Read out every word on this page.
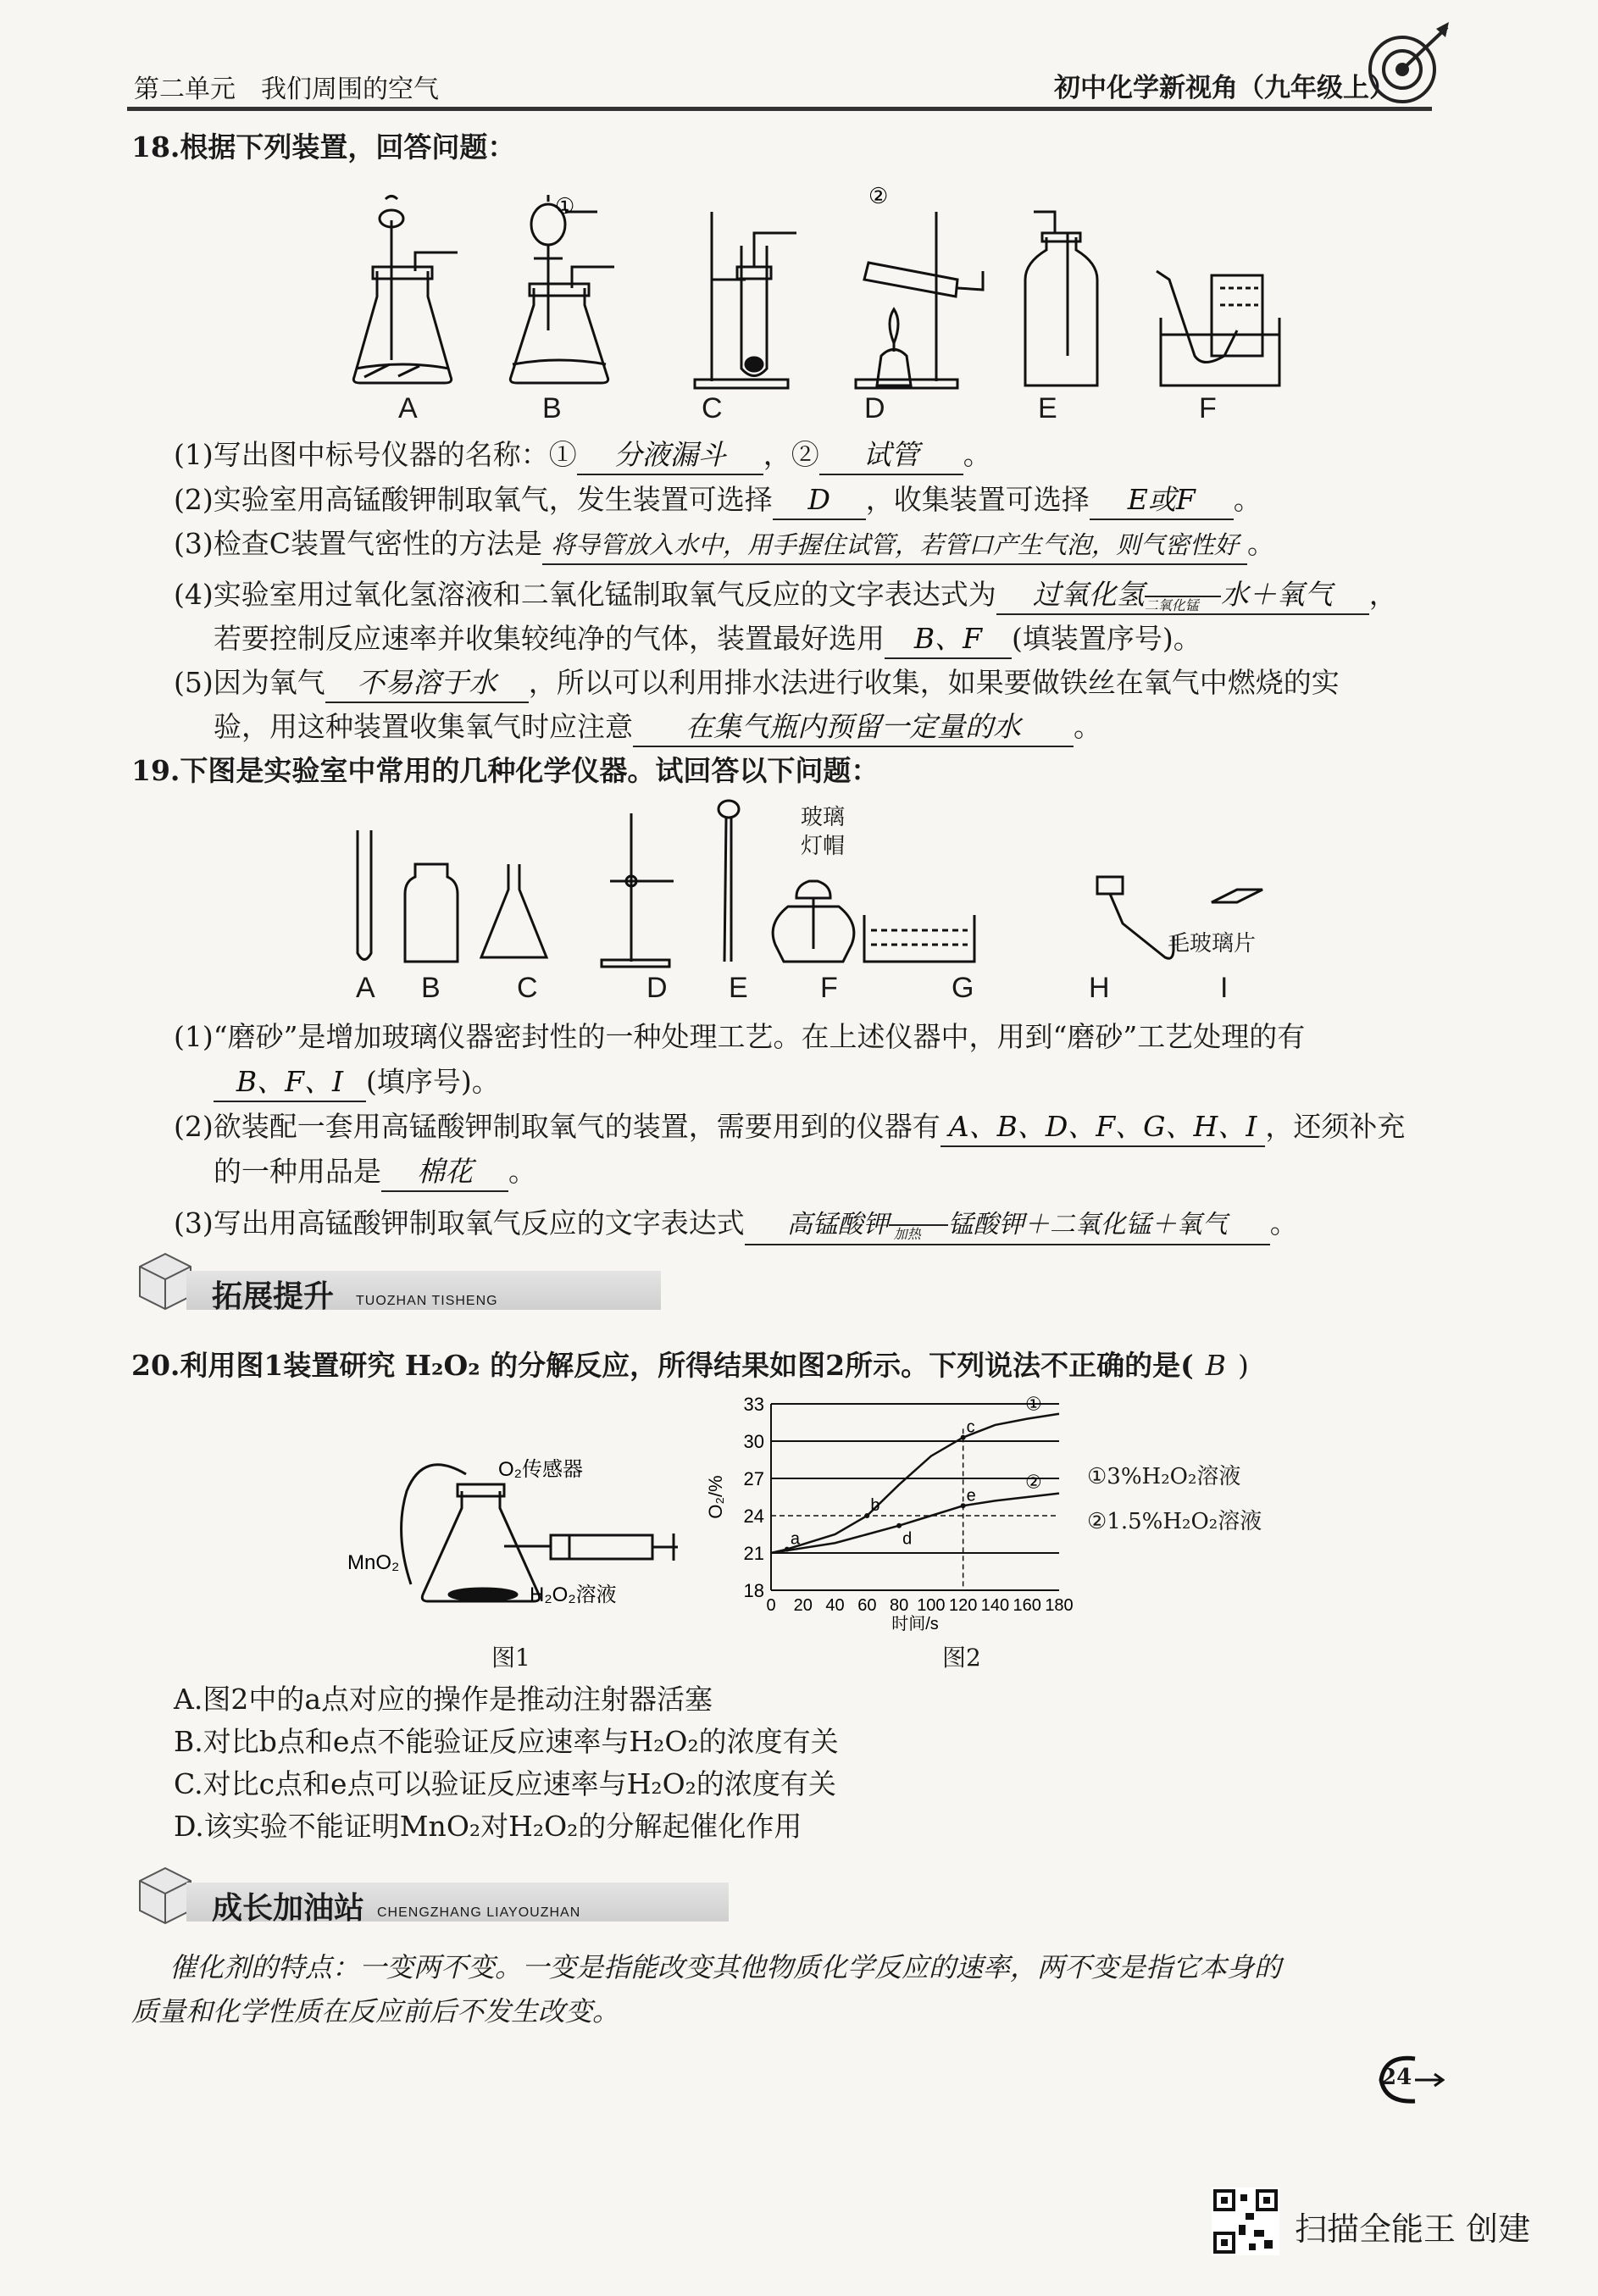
第二单元　我们周围的空气	初中化学新视角（九年级上）
18.根据下列装置，回答问题：
①	②
A	B	C	D	E	F
(1)写出图中标号仪器的名称：① 分液漏斗 ，② 试管 。
(2)实验室用高锰酸钾制取氧气，发生装置可选择 D ，收集装置可选择 E或F 。
(3)检查C装置气密性的方法是 将导管放入水中，用手握住试管，若管口产生气泡，则气密性好 。
(4)实验室用过氧化氢溶液和二氧化锰制取氧气反应的文字表达式为 过氧化氢 二氧化锰 水＋氧气 ，
若要控制反应速率并收集较纯净的气体，装置最好选用 B、F (填装置序号)。
(5)因为氧气 不易溶于水 ，所以可以利用排水法进行收集，如果要做铁丝在氧气中燃烧的实
验，用这种装置收集氧气时应注意 在集气瓶内预留一定量的水 。
19.下图是实验室中常用的几种化学仪器。试回答以下问题：
A B	C	D E	F	G	H	I
玻璃
灯帽
毛玻璃片
(1)“磨砂”是增加玻璃仪器密封性的一种处理工艺。在上述仪器中，用到“磨砂”工艺处理的有
B、F、I (填序号)。
(2)欲装配一套用高锰酸钾制取氧气的装置，需要用到的仪器有 A、B、D、F、G、H、I ，还须补充
的一种用品是 棉花 。
(3)写出用高锰酸钾制取氧气反应的文字表达式 高锰酸钾 加热 锰酸钾＋二氧化锰＋氧气 。
拓展提升 TUOZHAN TISHENG
20.利用图1装置研究 H₂O₂ 的分解反应，所得结果如图2所示。下列说法不正确的是( B )
O₂传感器
MnO₂
H₂O₂溶液
图1
18
21
24
27
30
33
0 20 40 60 80 100 120 140 160 180
时间/s
O₂/%
①
②
a
b
c
d
e
图2
①3%H₂O₂溶液
②1.5%H₂O₂溶液
A.图2中的a点对应的操作是推动注射器活塞
B.对比b点和e点不能验证反应速率与H₂O₂的浓度有关
C.对比c点和e点可以验证反应速率与H₂O₂的浓度有关
D.该实验不能证明MnO₂对H₂O₂的分解起催化作用
成长加油站 CHENGZHANG LIAYOUZHAN
催化剂的特点：一变两不变。一变是指能改变其他物质化学反应的速率，两不变是指它本身的
质量和化学性质在反应前后不发生改变。
24
扫描全能王 创建
